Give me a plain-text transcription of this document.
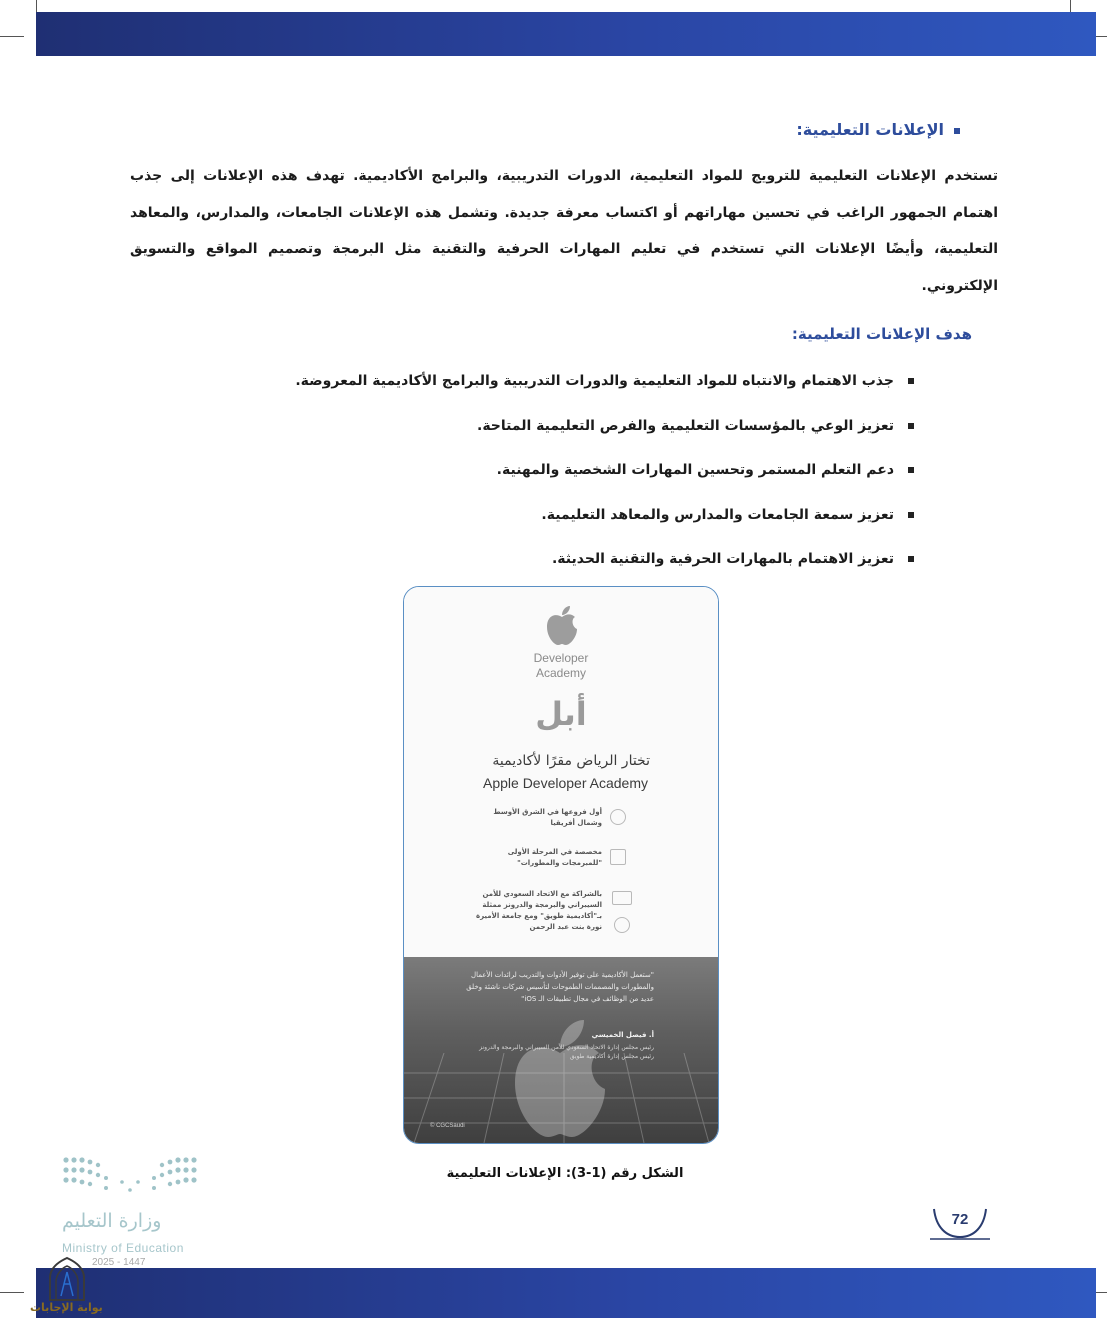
الإعلانات التعليمية:
تستخدم الإعلانات التعليمية للترويج للمواد التعليمية، الدورات التدريبية، والبرامج الأكاديمية. تهدف هذه الإعلانات إلى جذب اهتمام الجمهور الراغب في تحسين مهاراتهم أو اكتساب معرفة جديدة. وتشمل هذه الإعلانات الجامعات، والمدارس، والمعاهد التعليمية، وأيضًا الإعلانات التي تستخدم في تعليم المهارات الحرفية والتقنية مثل البرمجة وتصميم المواقع والتسويق الإلكتروني.
هدف الإعلانات التعليمية:
جذب الاهتمام والانتباه للمواد التعليمية والدورات التدريبية والبرامج الأكاديمية المعروضة.
تعزيز الوعي بالمؤسسات التعليمية والفرص التعليمية المتاحة.
دعم التعلم المستمر وتحسين المهارات الشخصية والمهنية.
تعزيز سمعة الجامعات والمدارس والمعاهد التعليمية.
تعزيز الاهتمام بالمهارات الحرفية والتقنية الحديثة.
Developer
Academy
أبل
تختار الرياض مقرًا لأكاديمية
Apple Developer Academy
أول فروعها في الشرق الأوسط وشمال أفريقيا
مخصصة في المرحلة الأولى "للمبرمجات والمطورات"
بالشراكة مع الاتحاد السعودي للأمن السيبراني والبرمجة والدرونز ممثلة بـ"أكاديمية طويق" ومع جامعة الأميرة نورة بنت عبد الرحمن
"ستعمل الأكاديمية على توفير الأدوات والتدريب لرائدات الأعمال والمطورات والمصممات الطموحات لتأسيس شركات ناشئة وخلق عديد من الوظائف في مجال تطبيقات الـ iOS"
أ. فيصل الخميسي
رئيس مجلس إدارة الاتحاد السعودي للأمن السيبراني والبرمجة والدرونز رئيس مجلس إدارة أكاديمية طويق
© CGCSaudi
الشكل رقم (1-3): الإعلانات التعليمية
72
وزارة التعليم
Ministry of Education
2025 - 1447
بوابة الإجابات
